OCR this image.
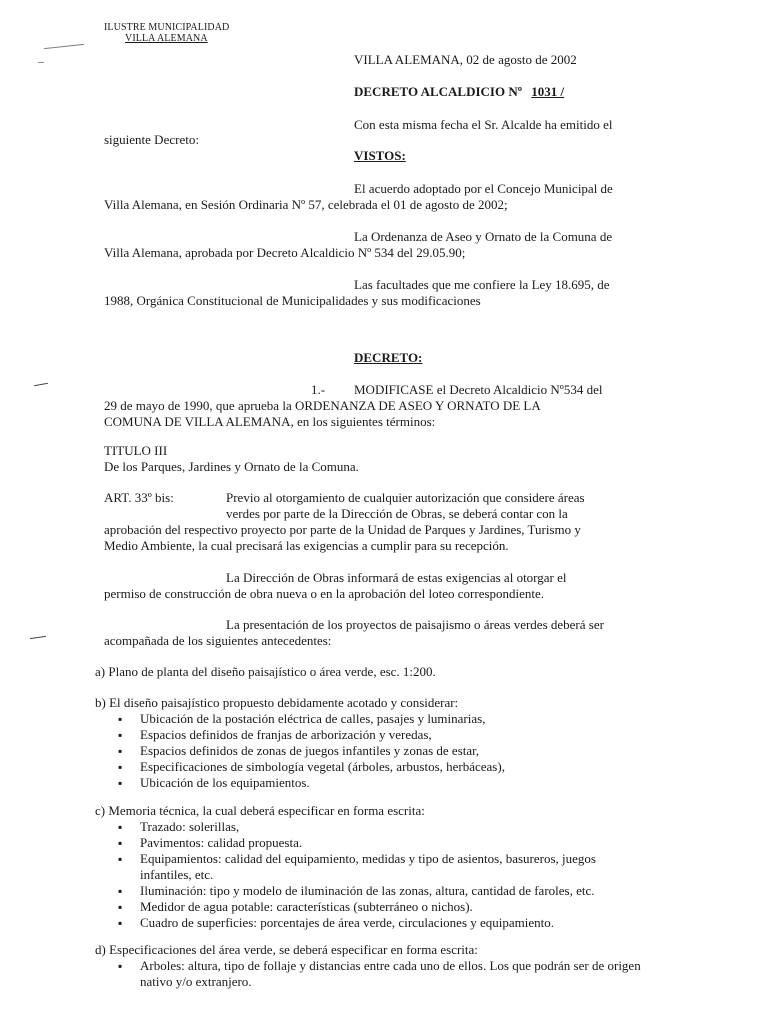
ILUSTRE MUNICIPALIDAD
VILLA ALEMANA
VILLA ALEMANA, 02 de agosto de 2002
DECRETO ALCALDICIO Nº 1031 /
Con esta misma fecha el Sr. Alcalde ha emitido el
siguiente Decreto:
VISTOS:
El acuerdo adoptado por el Concejo Municipal de
Villa Alemana, en Sesión Ordinaria Nº 57, celebrada el 01 de agosto de 2002;
La Ordenanza de Aseo y Ornato de la Comuna de
Villa Alemana, aprobada por Decreto Alcaldicio Nº 534 del 29.05.90;
Las facultades que me confiere la Ley 18.695, de
1988, Orgánica Constitucional de Municipalidades y sus modificaciones
DECRETO:
1.- MODIFICASE el Decreto Alcaldicio Nº534 del
29 de mayo de 1990, que aprueba la ORDENANZA DE ASEO Y ORNATO DE LA
COMUNA DE VILLA ALEMANA, en los siguientes términos:
TITULO III
De los Parques, Jardines y Ornato de la Comuna.
ART. 33º bis:	Previo al otorgamiento de cualquier autorización que considere áreas
verdes por parte de la Dirección de Obras, se deberá contar con la
aprobación del respectivo proyecto por parte de la Unidad de Parques y Jardines, Turismo y
Medio Ambiente, la cual precisará las exigencias a cumplir para su recepción.
La Dirección de Obras informará de estas exigencias al otorgar el
permiso de construcción de obra nueva o en la aprobación del loteo correspondiente.
La presentación de los proyectos de paisajismo o áreas verdes deberá ser
acompañada de los siguientes antecedentes:
a) Plano de planta del diseño paisajístico o área verde, esc. 1:200.
b) El diseño paisajístico propuesto debidamente acotado y considerar:
▪ Ubicación de la postación eléctrica de calles, pasajes y luminarias,
▪ Espacios definidos de franjas de arborización y veredas,
▪ Espacios definidos de zonas de juegos infantiles y zonas de estar,
▪ Especificaciones de simbología vegetal (árboles, arbustos, herbáceas),
▪ Ubicación de los equipamientos.
c) Memoria técnica, la cual deberá especificar en forma escrita:
▪ Trazado: solerillas,
▪ Pavimentos: calidad propuesta.
▪ Equipamientos: calidad del equipamiento, medidas y tipo de asientos, basureros, juegos infantiles, etc.
▪ Iluminación: tipo y modelo de iluminación de las zonas, altura, cantidad de faroles, etc.
▪ Medidor de agua potable: características (subterráneo o nichos).
▪ Cuadro de superficies: porcentajes de área verde, circulaciones y equipamiento.
d) Especificaciones del área verde, se deberá especificar en forma escrita:
▪ Arboles: altura, tipo de follaje y distancias entre cada uno de ellos. Los que podrán ser de origen nativo y/o extranjero.
